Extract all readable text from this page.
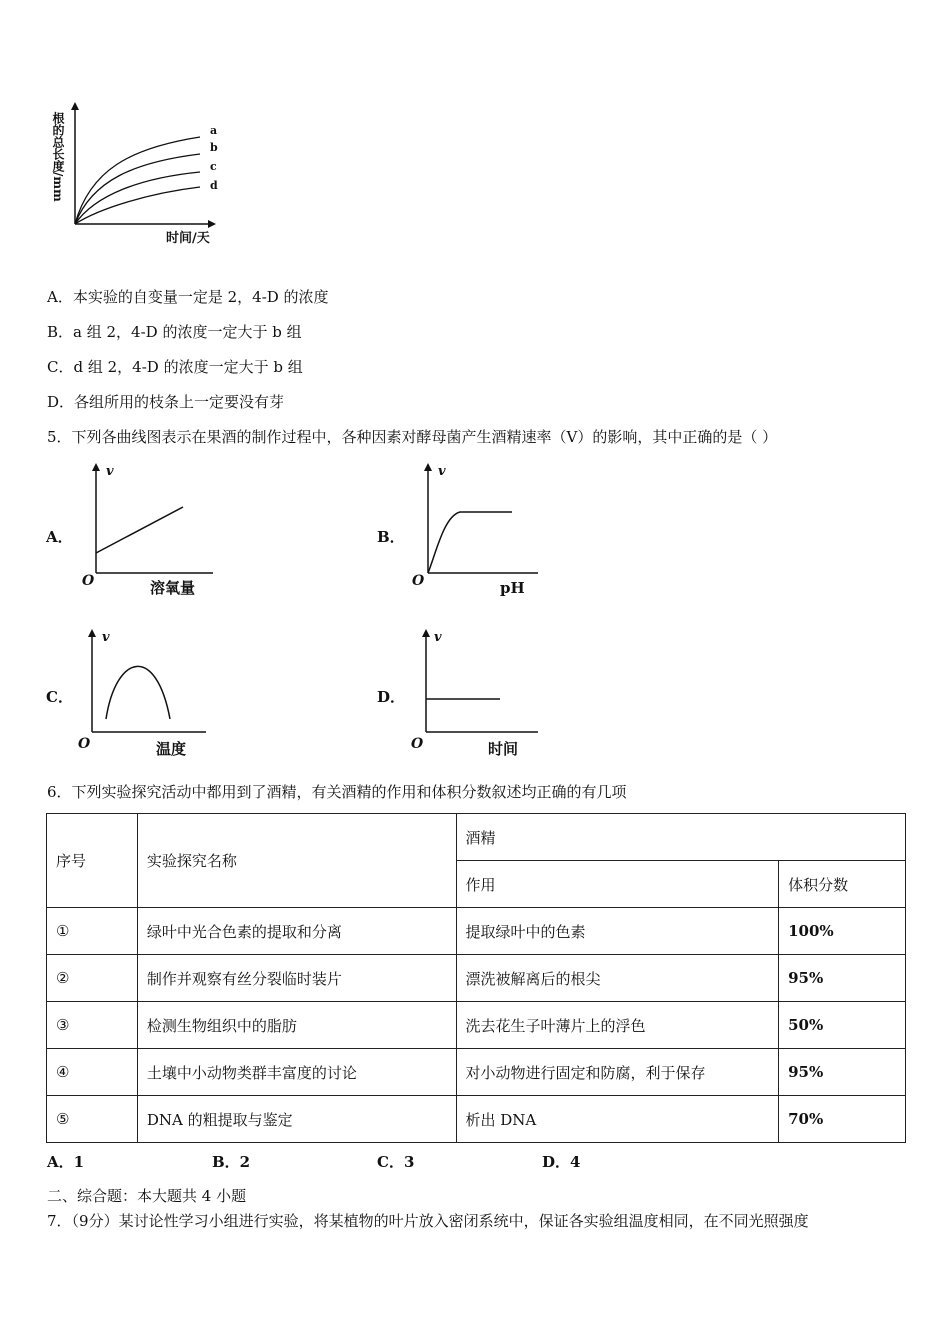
a
b
c
d
时间/天
根的总长度/mm
A．本实验的自变量一定是 2，4-D 的浓度
B．a 组 2，4-D 的浓度一定大于 b 组
C．d 组 2，4-D 的浓度一定大于 b 组
D．各组所用的枝条上一定要没有芽
5．下列各曲线图表示在果酒的制作过程中，各种因素对酵母菌产生酒精速率（V）的影响，其中正确的是（ ）
A．
v
O	溶氧量
B．
v
O	pH
C．
v
O	温度
D．
v
O	时间
6．下列实验探究活动中都用到了酒精，有关酒精的作用和体积分数叙述均正确的有几项
序号	实验探究名称	酒精	
		作用	体积分数
①	绿叶中光合色素的提取和分离	提取绿叶中的色素	100%
②	制作并观察有丝分裂临时装片	漂洗被解离后的根尖	95%
③	检测生物组织中的脂肪	洗去花生子叶薄片上的浮色	50%
④	土壤中小动物类群丰富度的讨论	对小动物进行固定和防腐，利于保存	95%
⑤	DNA 的粗提取与鉴定	析出 DNA	70%
A．1	B．2	C．3	D．4
二、综合题：本大题共 4 小题
7．（9分）某讨论性学习小组进行实验，将某植物的叶片放入密闭系统中，保证各实验组温度相同，在不同光照强度
